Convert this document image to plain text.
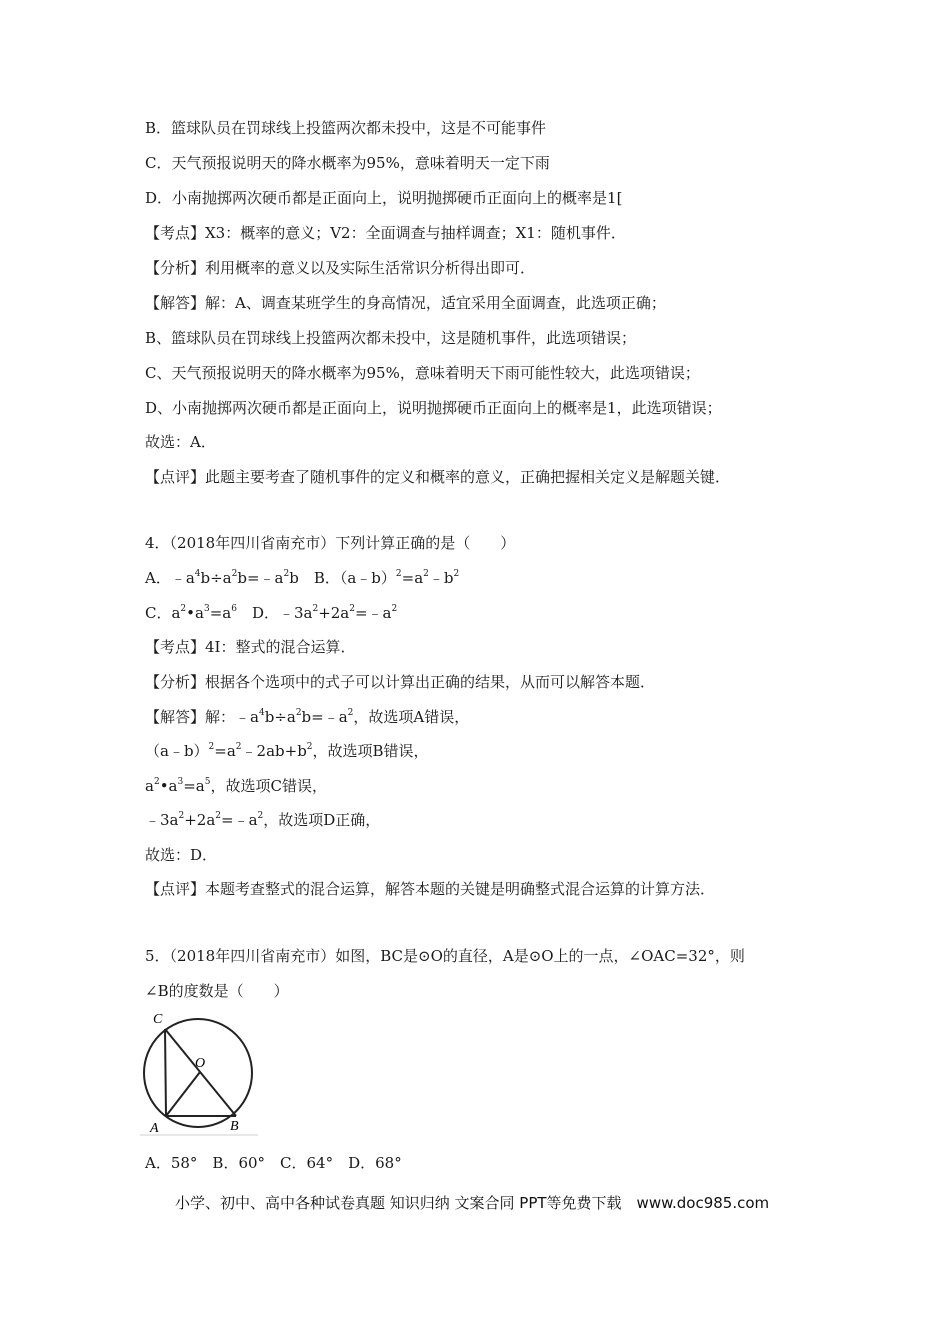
B．篮球队员在罚球线上投篮两次都未投中，这是不可能事件
C．天气预报说明天的降水概率为95%，意味着明天一定下雨
D．小南抛掷两次硬币都是正面向上，说明抛掷硬币正面向上的概率是1[
【考点】X3：概率的意义；V2：全面调查与抽样调查；X1：随机事件．
【分析】利用概率的意义以及实际生活常识分析得出即可．
【解答】解：A、调查某班学生的身高情况，适宜采用全面调查，此选项正确；
B、篮球队员在罚球线上投篮两次都未投中，这是随机事件，此选项错误；
C、天气预报说明天的降水概率为95%，意味着明天下雨可能性较大，此选项错误；
D、小南抛掷两次硬币都是正面向上，说明抛掷硬币正面向上的概率是1，此选项错误；
故选：A．
【点评】此题主要考查了随机事件的定义和概率的意义，正确把握相关定义是解题关键．
4．（2018年四川省南充市）下列计算正确的是（　　）
A．$﹣a^4b\div a^2b=﹣a^2b$　B．$(a﹣b)^2=a^2﹣b^2$
C．$a^2•a^3=a^6$　D．$﹣3a^2+2a^2=﹣a^2$
【考点】4I：整式的混合运算．
【分析】根据各个选项中的式子可以计算出正确的结果，从而可以解答本题．
【解答】解：$﹣a^4b\div a^2b=﹣a^2$，故选项A错误，
$(a﹣b)^2=a^2﹣2ab+b^2$，故选项B错误，
$a^2•a^3=a^5$，故选项C错误，
$﹣3a^2+2a^2=﹣a^2$，故选项D正确，
故选：D．
【点评】本题考查整式的混合运算，解答本题的关键是明确整式混合运算的计算方法．
5．（2018年四川省南充市）如图，BC是⊙O的直径，A是⊙O上的一点，∠OAC=32°，则
∠B的度数是（　　）
C
O
A	B
A．58°　B．60°　C．64°　D．68°
小学、初中、高中各种试卷真题 知识归纳 文案合同 PPT等免费下载　www.doc985.com
